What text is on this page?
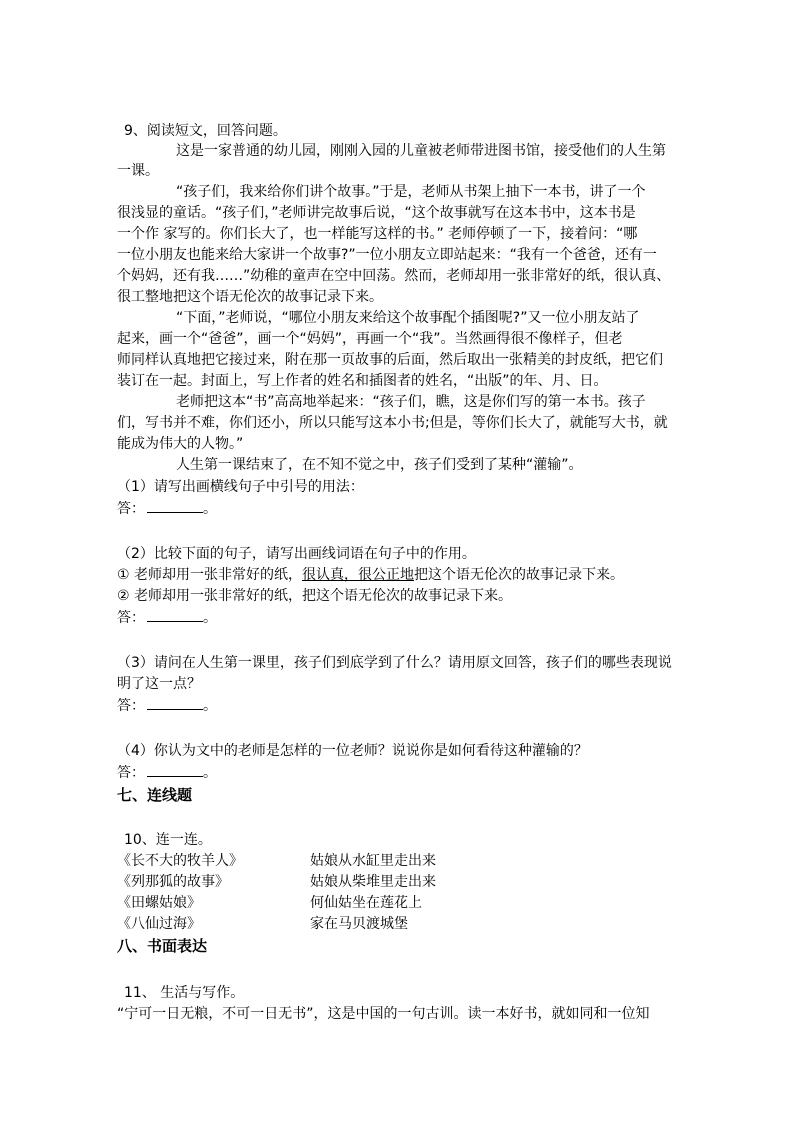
9、阅读短文，回答问题。
这是一家普通的幼儿园，刚刚入园的儿童被老师带进图书馆，接受他们的人生第
一课。
“孩子们，我来给你们讲个故事。”于是，老师从书架上抽下一本书，讲了一个
很浅显的童话。“孩子们，”老师讲完故事后说，“这个故事就写在这本书中，这本书是
一个作 家写的。你们长大了，也一样能写这样的书。” 老师停顿了一下，接着问：“哪
一位小朋友也能来给大家讲一个故事?”一位小朋友立即站起来：“我有一个爸爸，还有一
个妈妈，还有我……”幼稚的童声在空中回荡。然而，老师却用一张非常好的纸，很认真、
很工整地把这个语无伦次的故事记录下来。
“下面，”老师说，“哪位小朋友来给这个故事配个插图呢?”又一位小朋友站了
起来，画一个“爸爸”，画一个“妈妈”，再画一个“我”。当然画得很不像样子，但老
师同样认真地把它接过来，附在那一页故事的后面，然后取出一张精美的封皮纸，把它们
装订在一起。封面上，写上作者的姓名和插图者的姓名，“出版”的年、月、日。
老师把这本“书”高高地举起来：“孩子们，瞧，这是你们写的第一本书。孩子
们，写书并不难，你们还小，所以只能写这本小书;但是，等你们长大了，就能写大书，就
能成为伟大的人物。”
人生第一课结束了，在不知不觉之中，孩子们受到了某种“灌输”。
（1）请写出画横线句子中引号的用法：
答：	。
（2）比较下面的句子，请写出画线词语在句子中的作用。
① 老师却用一张非常好的纸，很认真，很公正地把这个语无伦次的故事记录下来。
② 老师却用一张非常好的纸，把这个语无伦次的故事记录下来。
答：	。
（3）请问在人生第一课里，孩子们到底学到了什么？请用原文回答，孩子们的哪些表现说
明了这一点？
答：	。
（4）你认为文中的老师是怎样的一位老师？说说你是如何看待这种灌输的？
答：	。
七、连线题
10、连一连。
《长不大的牧羊人》	姑娘从水缸里走出来
《列那狐的故事》	姑娘从柴堆里走出来
《田螺姑娘》	何仙姑坐在莲花上
《八仙过海》	家在马贝渡城堡
八、书面表达
11、 生活与写作。
“宁可一日无粮，不可一日无书”，这是中国的一句古训。读一本好书，就如同和一位知
